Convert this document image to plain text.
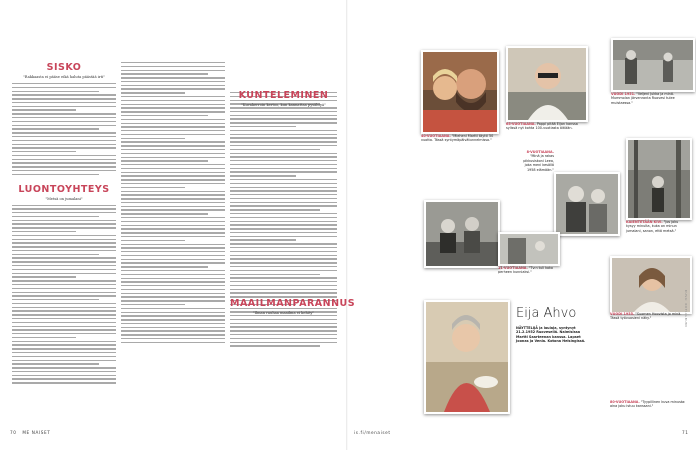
SISKO
"Rakkaasta ei pääse eikä haluta päästää irti"
LUONTOYHTEYS
"Metsä on jumalani"
70 ME NAISET
KUNTELEMINEN
"Kuvakerroin kertoo, kun kannattaa pysähtyä"
MAAILMANPARANNUS
"Ilman rauhaa maailma ei kehity"
40-VUOTIAANA. "Mieheni Martti täytti 50 vuotta. Tässä syntymäpäivätunnelmissa."
65-VUOTIAANA. Pappi pitää Eijan kanssa sylissä nyt kohta 100-vuotiasta äitiään.
VUODI 1951. "Veljeni Jukka ja minä. Mummolan järvenranta Ruovesi tulee muistaessa."
8-VUOTIAANA. "Minä ja rakas pikkusiskoni Leea, joka meni kesällä 1958 elämään."
KAIENTETÄÄN KIVI. "Jos joku kysyy minulta, kuka on minun jumalani, sanon, että metsä."
11-VUOTIAANA. "Tv:n tuli koko perheen kunniaksi."
80-VUOTIAANA. "Tyypillinen kuva minusta: aina joku istuu kanssani."
VUODI 1955. "Suomen Hoovista jo minä. Tässä työvuosieni näky."
Eija Ahvo
NÄYTTELIJÄ ja laulaja, syntynyt 21.2.1952 Ruovesellä. Naimisissa Martti Saarteenan kanssa. Lapset Joonas ja Venla. Kotona Helsingissä.
KUVA: KOTIALBUMI
is.fi/menaiset	71
